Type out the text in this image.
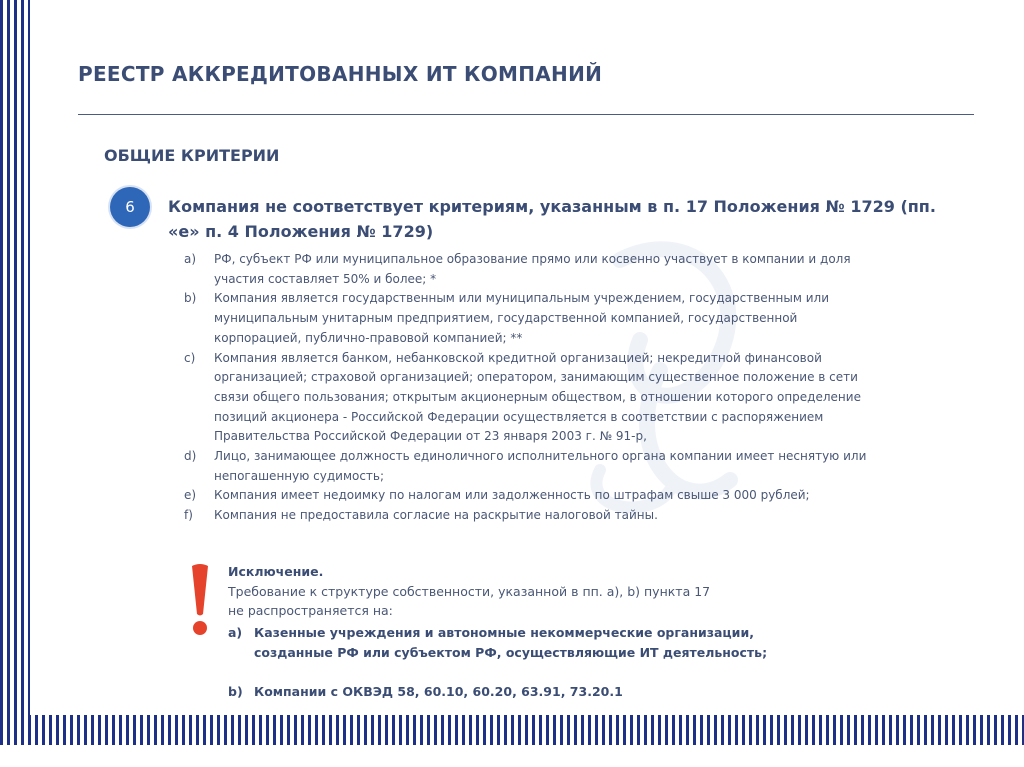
РЕЕСТР АККРЕДИТОВАННЫХ ИТ КОМПАНИЙ
ОБЩИЕ КРИТЕРИИ
6	Компания не соответствует критериям, указанным в п. 17 Положения № 1729 (пп. «е» п. 4 Положения № 1729)
a) РФ, субъект РФ или муниципальное образование прямо или косвенно участвует в компании и доля участия составляет 50% и более; *
b) Компания является государственным или муниципальным учреждением, государственным или муниципальным унитарным предприятием, государственной компанией, государственной корпорацией, публично-правовой компанией; **
c) Компания является банком, небанковской кредитной организацией; некредитной финансовой организацией; страховой организацией; оператором, занимающим существенное положение в сети связи общего пользования; открытым акционерным обществом, в отношении которого определение позиций акционера - Российской Федерации осуществляется в соответствии с распоряжением Правительства Российской Федерации от 23 января 2003 г. № 91-р,
d) Лицо, занимающее должность единоличного исполнительного органа компании имеет неснятую или непогашенную судимость;
e) Компания имеет недоимку по налогам или задолженность по штрафам свыше 3 000 рублей;
f) Компания не предоставила согласие на раскрытие налоговой тайны.
Исключение.
Требование к структуре собственности, указанной в пп. а), b) пункта 17 не распространяется на:
a) Казенные учреждения и автономные некоммерческие организации, созданные РФ или субъектом РФ, осуществляющие ИТ деятельность;
b) Компании с ОКВЭД 58, 60.10, 60.20, 63.91, 73.20.1
